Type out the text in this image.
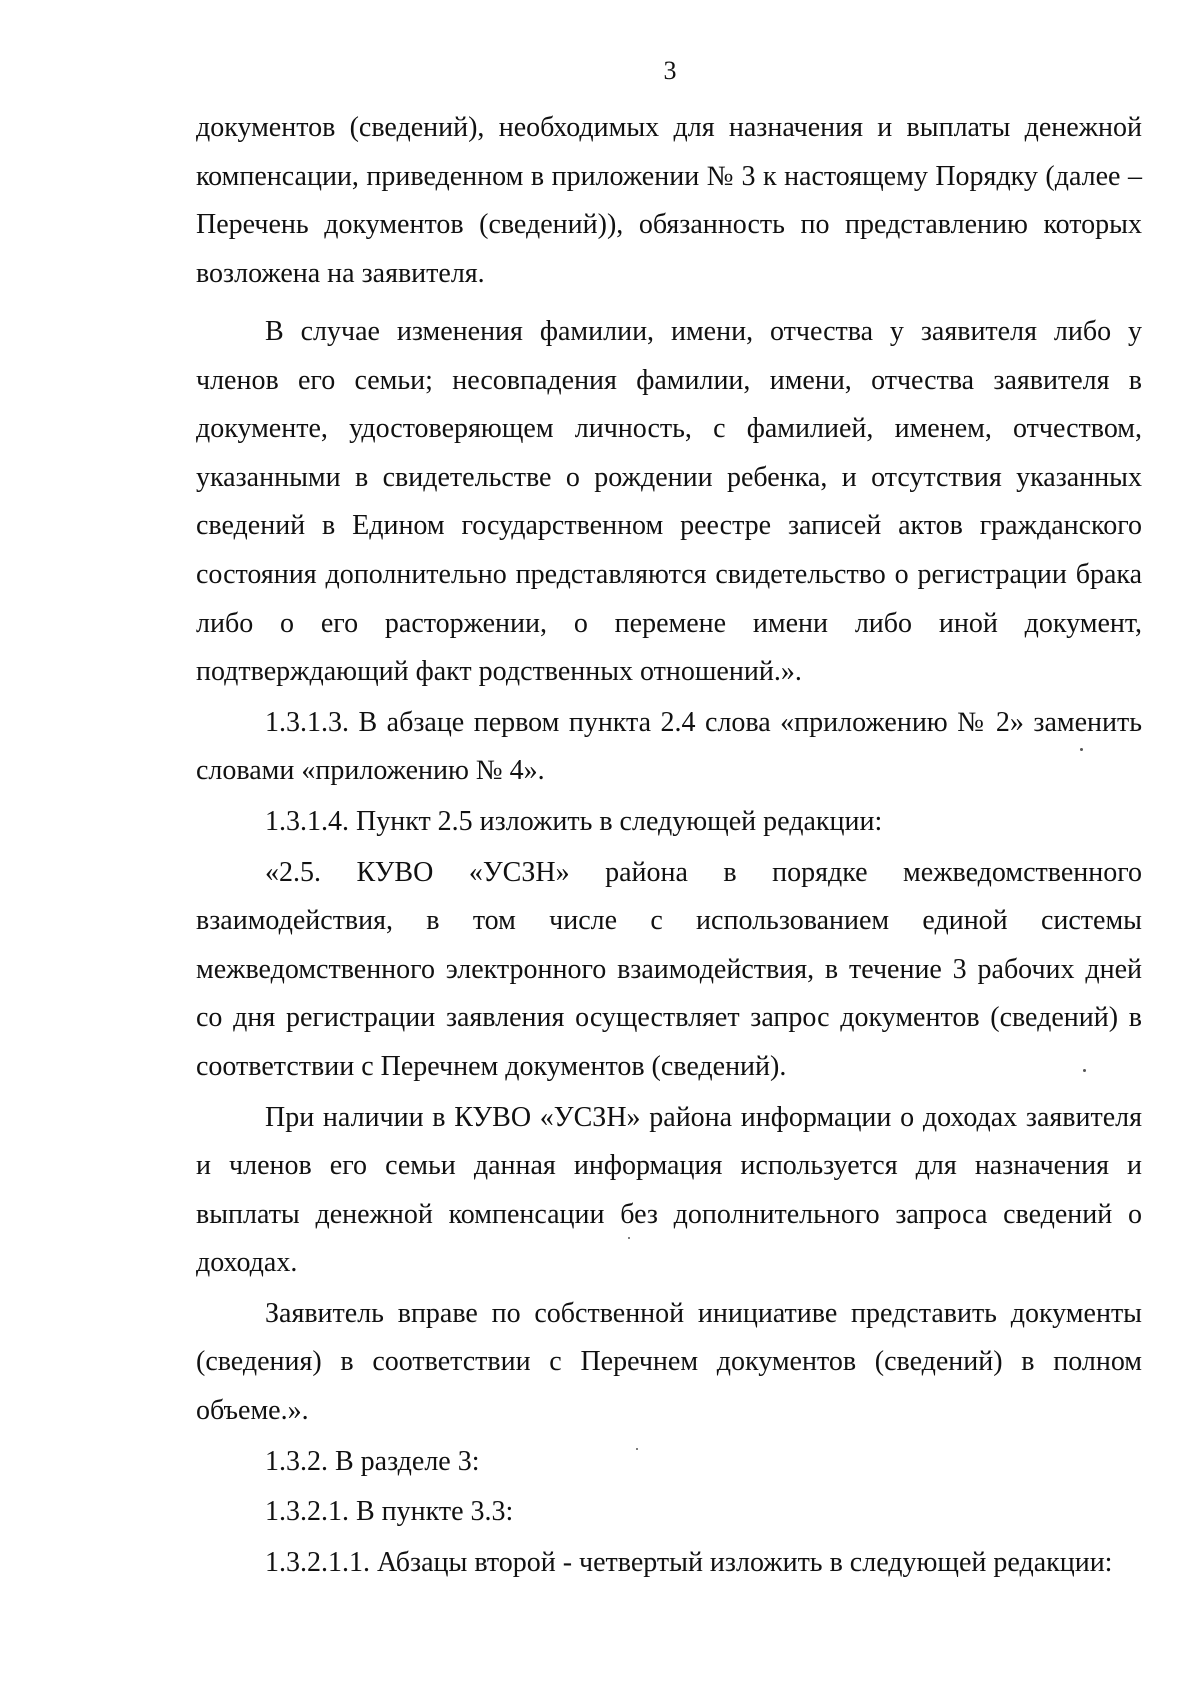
3

документов (сведений), необходимых для назначения и выплаты денежной компенсации, приведенном в приложении № 3 к настоящему Порядку (далее – Перечень документов (сведений)), обязанность по представлению которых возложена на заявителя.

В случае изменения фамилии, имени, отчества у заявителя либо у членов его семьи; несовпадения фамилии, имени, отчества заявителя в документе, удостоверяющем личность, с фамилией, именем, отчеством, указанными в свидетельстве о рождении ребенка, и отсутствия указанных сведений в Едином государственном реестре записей актов гражданского состояния дополнительно представляются свидетельство о регистрации брака либо о его расторжении, о перемене имени либо иной документ, подтверждающий факт родственных отношений.».

1.3.1.3. В абзаце первом пункта 2.4 слова «приложению № 2» заменить словами «приложению № 4».

1.3.1.4. Пункт 2.5 изложить в следующей редакции:

«2.5. КУВО «УСЗН» района в порядке межведомственного взаимодействия, в том числе с использованием единой системы межведомственного электронного взаимодействия, в течение 3 рабочих дней со дня регистрации заявления осуществляет запрос документов (сведений) в соответствии с Перечнем документов (сведений).

При наличии в КУВО «УСЗН» района информации о доходах заявителя и членов его семьи данная информация используется для назначения и выплаты денежной компенсации без дополнительного запроса сведений о доходах.

Заявитель вправе по собственной инициативе представить документы (сведения) в соответствии с Перечнем документов (сведений) в полном объеме.».

1.3.2. В разделе 3:

1.3.2.1. В пункте 3.3:

1.3.2.1.1. Абзацы второй - четвертый изложить в следующей редакции:
